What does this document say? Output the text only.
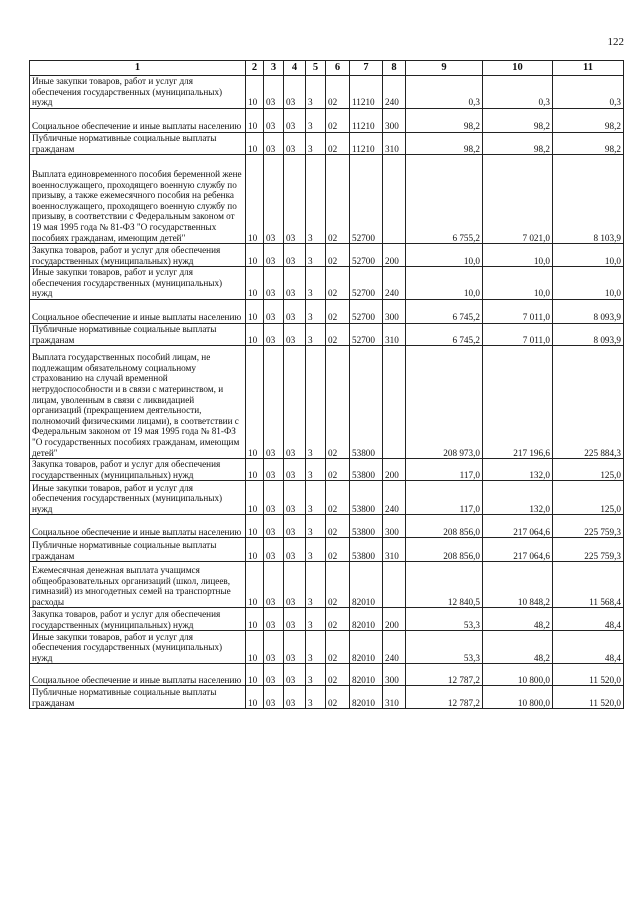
122
1	2	3	4	5	6	7	8	9	10	11
Иные закупки товаров, работ и услуг для обеспечения государственных (муниципальных) нужд	10	03	03	3	02	11210	240	0,3	0,3	0,3
Социальное обеспечение и иные выплаты населению	10	03	03	3	02	11210	300	98,2	98,2	98,2
Публичные нормативные социальные выплаты гражданам	10	03	03	3	02	11210	310	98,2	98,2	98,2
Выплата единовременного пособия беременной жене военнослужащего, проходящего военную службу по призыву, а также ежемесячного пособия на ребенка военнослужащего, проходящего военную службу по призыву, в соответствии с Федеральным законом от 19 мая 1995 года № 81-ФЗ "О государственных пособиях гражданам, имеющим детей"	10	03	03	3	02	52700		6 755,2	7 021,0	8 103,9
Закупка товаров, работ и услуг для обеспечения государственных (муниципальных) нужд	10	03	03	3	02	52700	200	10,0	10,0	10,0
Иные закупки товаров, работ и услуг для обеспечения государственных (муниципальных) нужд	10	03	03	3	02	52700	240	10,0	10,0	10,0
Социальное обеспечение и иные выплаты населению	10	03	03	3	02	52700	300	6 745,2	7 011,0	8 093,9
Публичные нормативные социальные выплаты гражданам	10	03	03	3	02	52700	310	6 745,2	7 011,0	8 093,9
Выплата государственных пособий лицам, не подлежащим обязательному социальному страхованию на случай временной нетрудоспособности и в связи с материнством, и лицам, уволенным в связи с ликвидацией организаций (прекращением деятельности, полномочий физическими лицами), в соответствии с Федеральным законом от 19 мая 1995 года № 81-ФЗ "О государственных пособиях гражданам, имеющим детей"	10	03	03	3	02	53800		208 973,0	217 196,6	225 884,3
Закупка товаров, работ и услуг для обеспечения государственных (муниципальных) нужд	10	03	03	3	02	53800	200	117,0	132,0	125,0
Иные закупки товаров, работ и услуг для обеспечения государственных (муниципальных) нужд	10	03	03	3	02	53800	240	117,0	132,0	125,0
Социальное обеспечение и иные выплаты населению	10	03	03	3	02	53800	300	208 856,0	217 064,6	225 759,3
Публичные нормативные социальные выплаты гражданам	10	03	03	3	02	53800	310	208 856,0	217 064,6	225 759,3
Ежемесячная денежная выплата учащимся общеобразовательных организаций (школ, лицеев, гимназий) из многодетных семей на транспортные расходы	10	03	03	3	02	82010		12 840,5	10 848,2	11 568,4
Закупка товаров, работ и услуг для обеспечения государственных (муниципальных) нужд	10	03	03	3	02	82010	200	53,3	48,2	48,4
Иные закупки товаров, работ и услуг для обеспечения государственных (муниципальных) нужд	10	03	03	3	02	82010	240	53,3	48,2	48,4
Социальное обеспечение и иные выплаты населению	10	03	03	3	02	82010	300	12 787,2	10 800,0	11 520,0
Публичные нормативные социальные выплаты гражданам	10	03	03	3	02	82010	310	12 787,2	10 800,0	11 520,0
